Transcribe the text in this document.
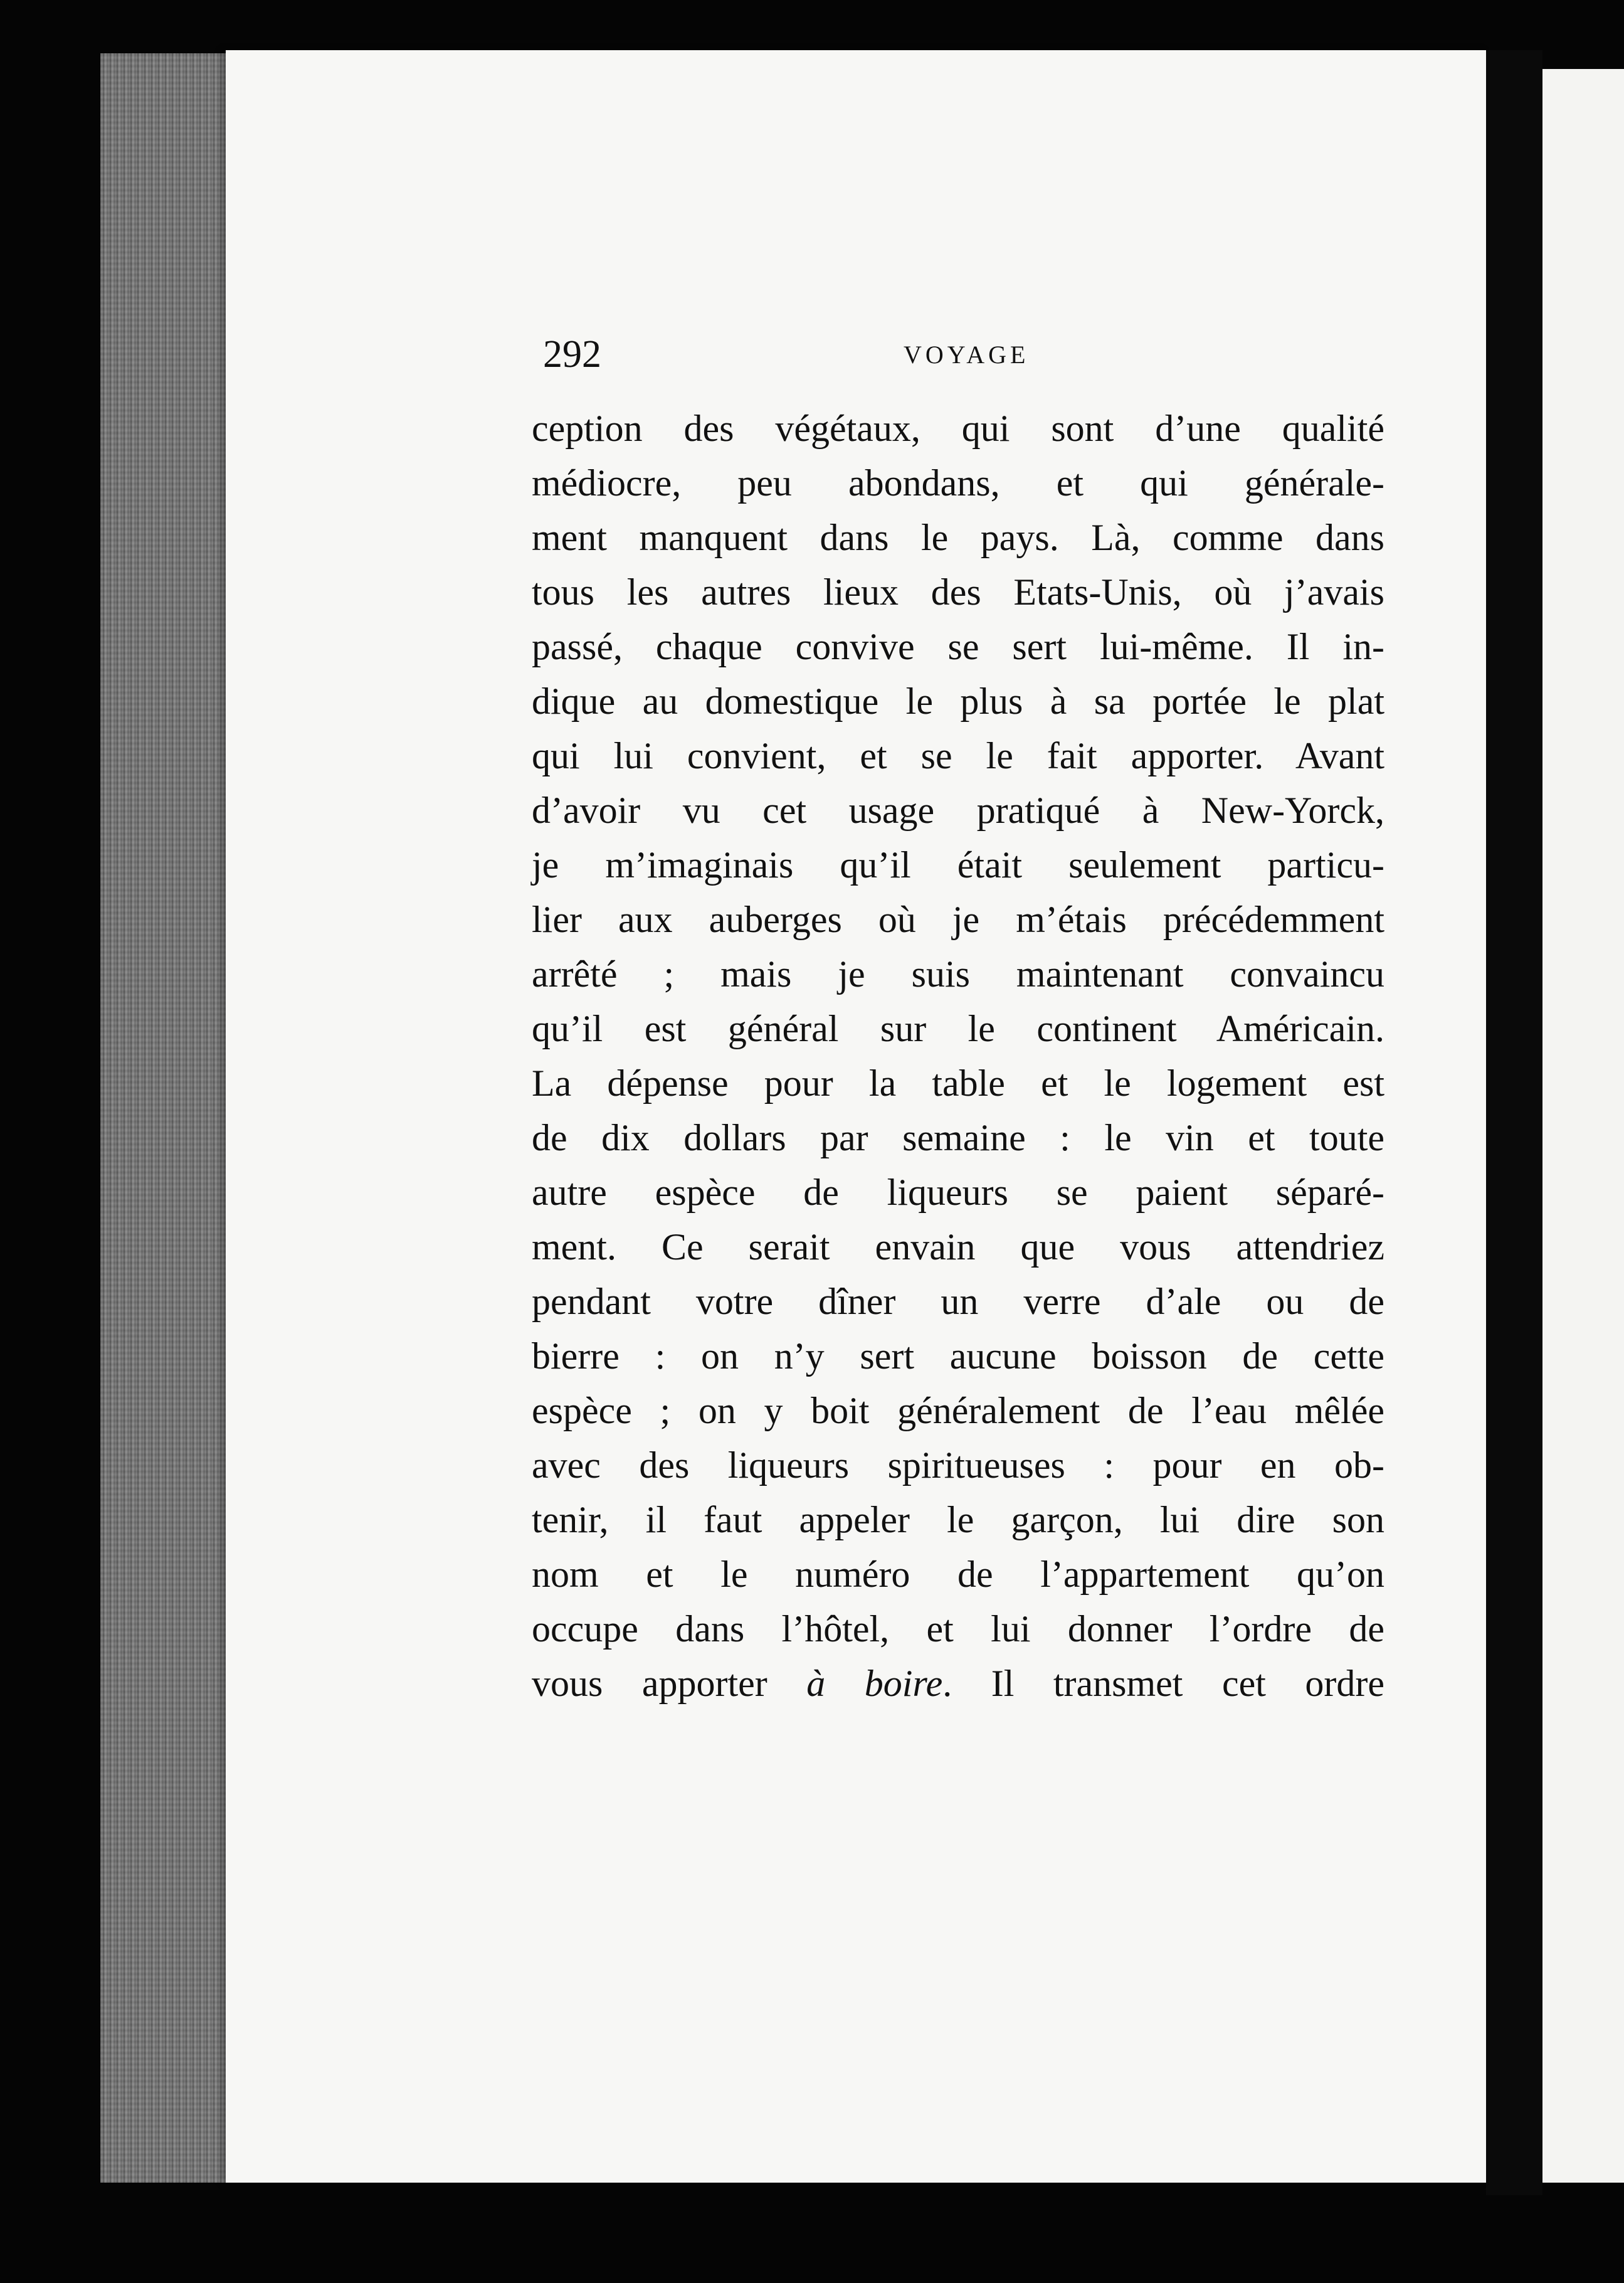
292	VOYAGE
ception des végétaux, qui sont d’une qualité
médiocre, peu abondans, et qui générale-
ment manquent dans le pays. Là, comme dans
tous les autres lieux des Etats-Unis, où j’avais
passé, chaque convive se sert lui-même. Il in-
dique au domestique le plus à sa portée le plat
qui lui convient, et se le fait apporter. Avant
d’avoir vu cet usage pratiqué à New-Yorck,
je m’imaginais qu’il était seulement particu-
lier aux auberges où je m’étais précédemment
arrêté ; mais je suis maintenant convaincu
qu’il est général sur le continent Américain.
La dépense pour la table et le logement est
de dix dollars par semaine : le vin et toute
autre espèce de liqueurs se paient séparé-
ment. Ce serait envain que vous attendriez
pendant votre dîner un verre d’ale ou de
bierre : on n’y sert aucune boisson de cette
espèce ; on y boit généralement de l’eau mêlée
avec des liqueurs spiritueuses : pour en ob-
tenir, il faut appeler le garçon, lui dire son
nom et le numéro de l’appartement qu’on
occupe dans l’hôtel, et lui donner l’ordre de
vous apporter à boire. Il transmet cet ordre
